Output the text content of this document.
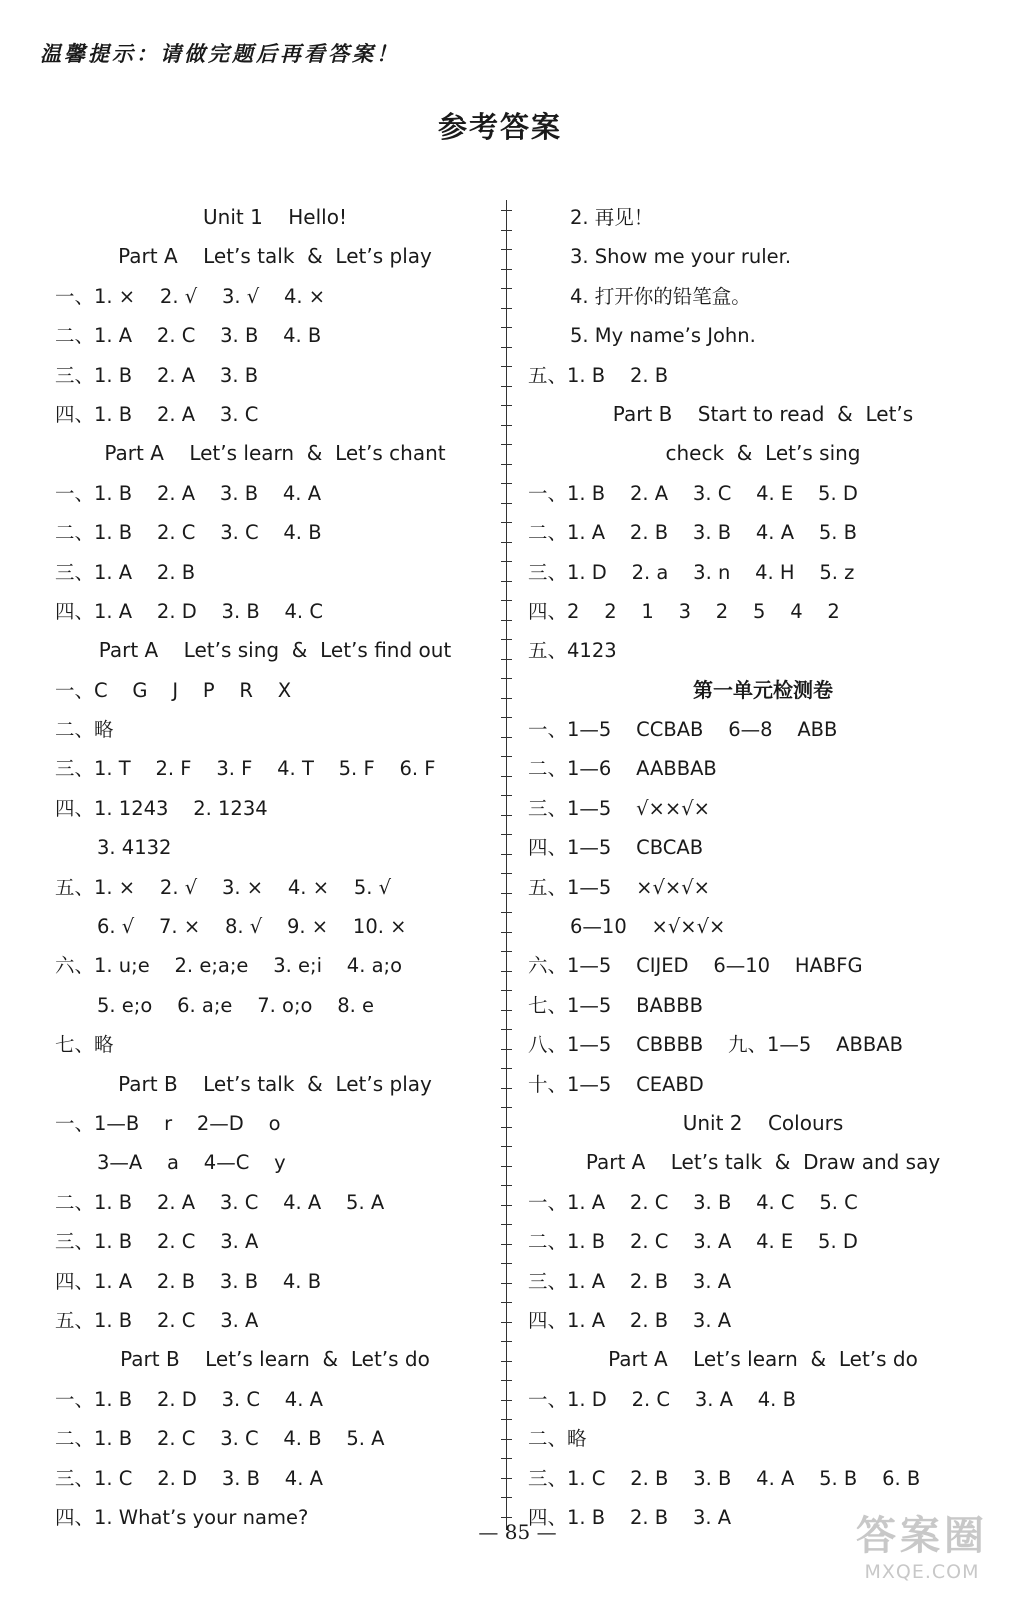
温馨提示：请做完题后再看答案！
参考答案
Unit 1    Hello!
Part A    Let’s talk  &  Let’s play
一、1. ×    2. √    3. √    4. ×
二、1. A    2. C    3. B    4. B
三、1. B    2. A    3. B
四、1. B    2. A    3. C
Part A    Let’s learn  &  Let’s chant
一、1. B    2. A    3. B    4. A
二、1. B    2. C    3. C    4. B
三、1. A    2. B
四、1. A    2. D    3. B    4. C
Part A    Let’s sing  &  Let’s find out
一、C    G    J    P    R    X
二、略
三、1. T    2. F    3. F    4. T    5. F    6. F
四、1. 1243    2. 1234
3. 4132
五、1. ×    2. √    3. ×    4. ×    5. √
6. √    7. ×    8. √    9. ×    10. ×
六、1. u;e    2. e;a;e    3. e;i    4. a;o
5. e;o    6. a;e    7. o;o    8. e
七、略
Part B    Let’s talk  &  Let’s play
一、1—B    r    2—D    o
3—A    a    4—C    y
二、1. B    2. A    3. C    4. A    5. A
三、1. B    2. C    3. A
四、1. A    2. B    3. B    4. B
五、1. B    2. C    3. A
Part B    Let’s learn  &  Let’s do
一、1. B    2. D    3. C    4. A
二、1. B    2. C    3. C    4. B    5. A
三、1. C    2. D    3. B    4. A
四、1. What’s your name?
2. 再见！
3. Show me your ruler.
4. 打开你的铅笔盒。
5. My name’s John.
五、1. B    2. B
Part B    Start to read  &  Let’s
check  &  Let’s sing
一、1. B    2. A    3. C    4. E    5. D
二、1. A    2. B    3. B    4. A    5. B
三、1. D    2. a    3. n    4. H    5. z
四、2    2    1    3    2    5    4    2
五、4123
第一单元检测卷
一、1—5    CCBAB    6—8    ABB
二、1—6    AABBAB
三、1—5    √××√×
四、1—5    CBCAB
五、1—5    ×√×√×
6—10    ×√×√×
六、1—5    CIJED    6—10    HABFG
七、1—5    BABBB
八、1—5    CBBBB    九、1—5    ABBAB
十、1—5    CEABD
Unit 2    Colours
Part A    Let’s talk  &  Draw and say
一、1. A    2. C    3. B    4. C    5. C
二、1. B    2. C    3. A    4. E    5. D
三、1. A    2. B    3. A
四、1. A    2. B    3. A
Part A    Let’s learn  &  Let’s do
一、1. D    2. C    3. A    4. B
二、略
三、1. C    2. B    3. B    4. A    5. B    6. B
四、1. B    2. B    3. A
— 85 —	答案圈
MXQE.COM
